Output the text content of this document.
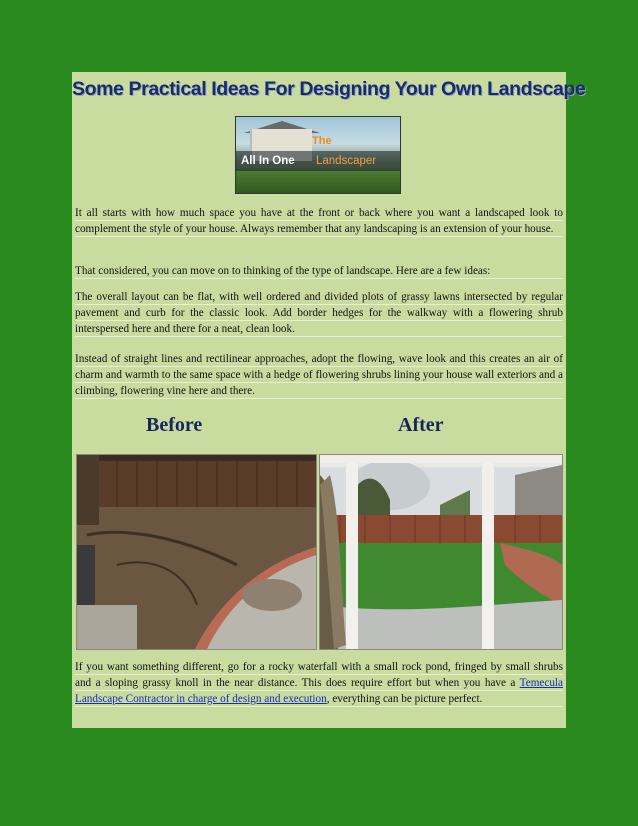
Some Practical Ideas For Designing Your Own Landscape
The
All In One Landscaper

It all starts with how much space you have at the front or back where you want a landscaped look to complement the style of your house. Always remember that any landscaping is an extension of your house.

That considered, you can move on to thinking of the type of landscape. Here are a few ideas:

The overall layout can be flat, with well ordered and divided plots of grassy lawns intersected by regular pavement and curb for the classic look. Add border hedges for the walkway with a flowering shrub interspersed here and there for a neat, clean look.

Instead of straight lines and rectilinear approaches, adopt the flowing, wave look and this creates an air of charm and warmth to the same space with a hedge of flowering shrubs lining your house wall exteriors and a climbing, flowering vine here and there.

Before	After

If you want something different, go for a rocky waterfall with a small rock pond, fringed by small shrubs and a sloping grassy knoll in the near distance. This does require effort but when you have a Temecula Landscape Contractor in charge of design and execution, everything can be picture perfect.
